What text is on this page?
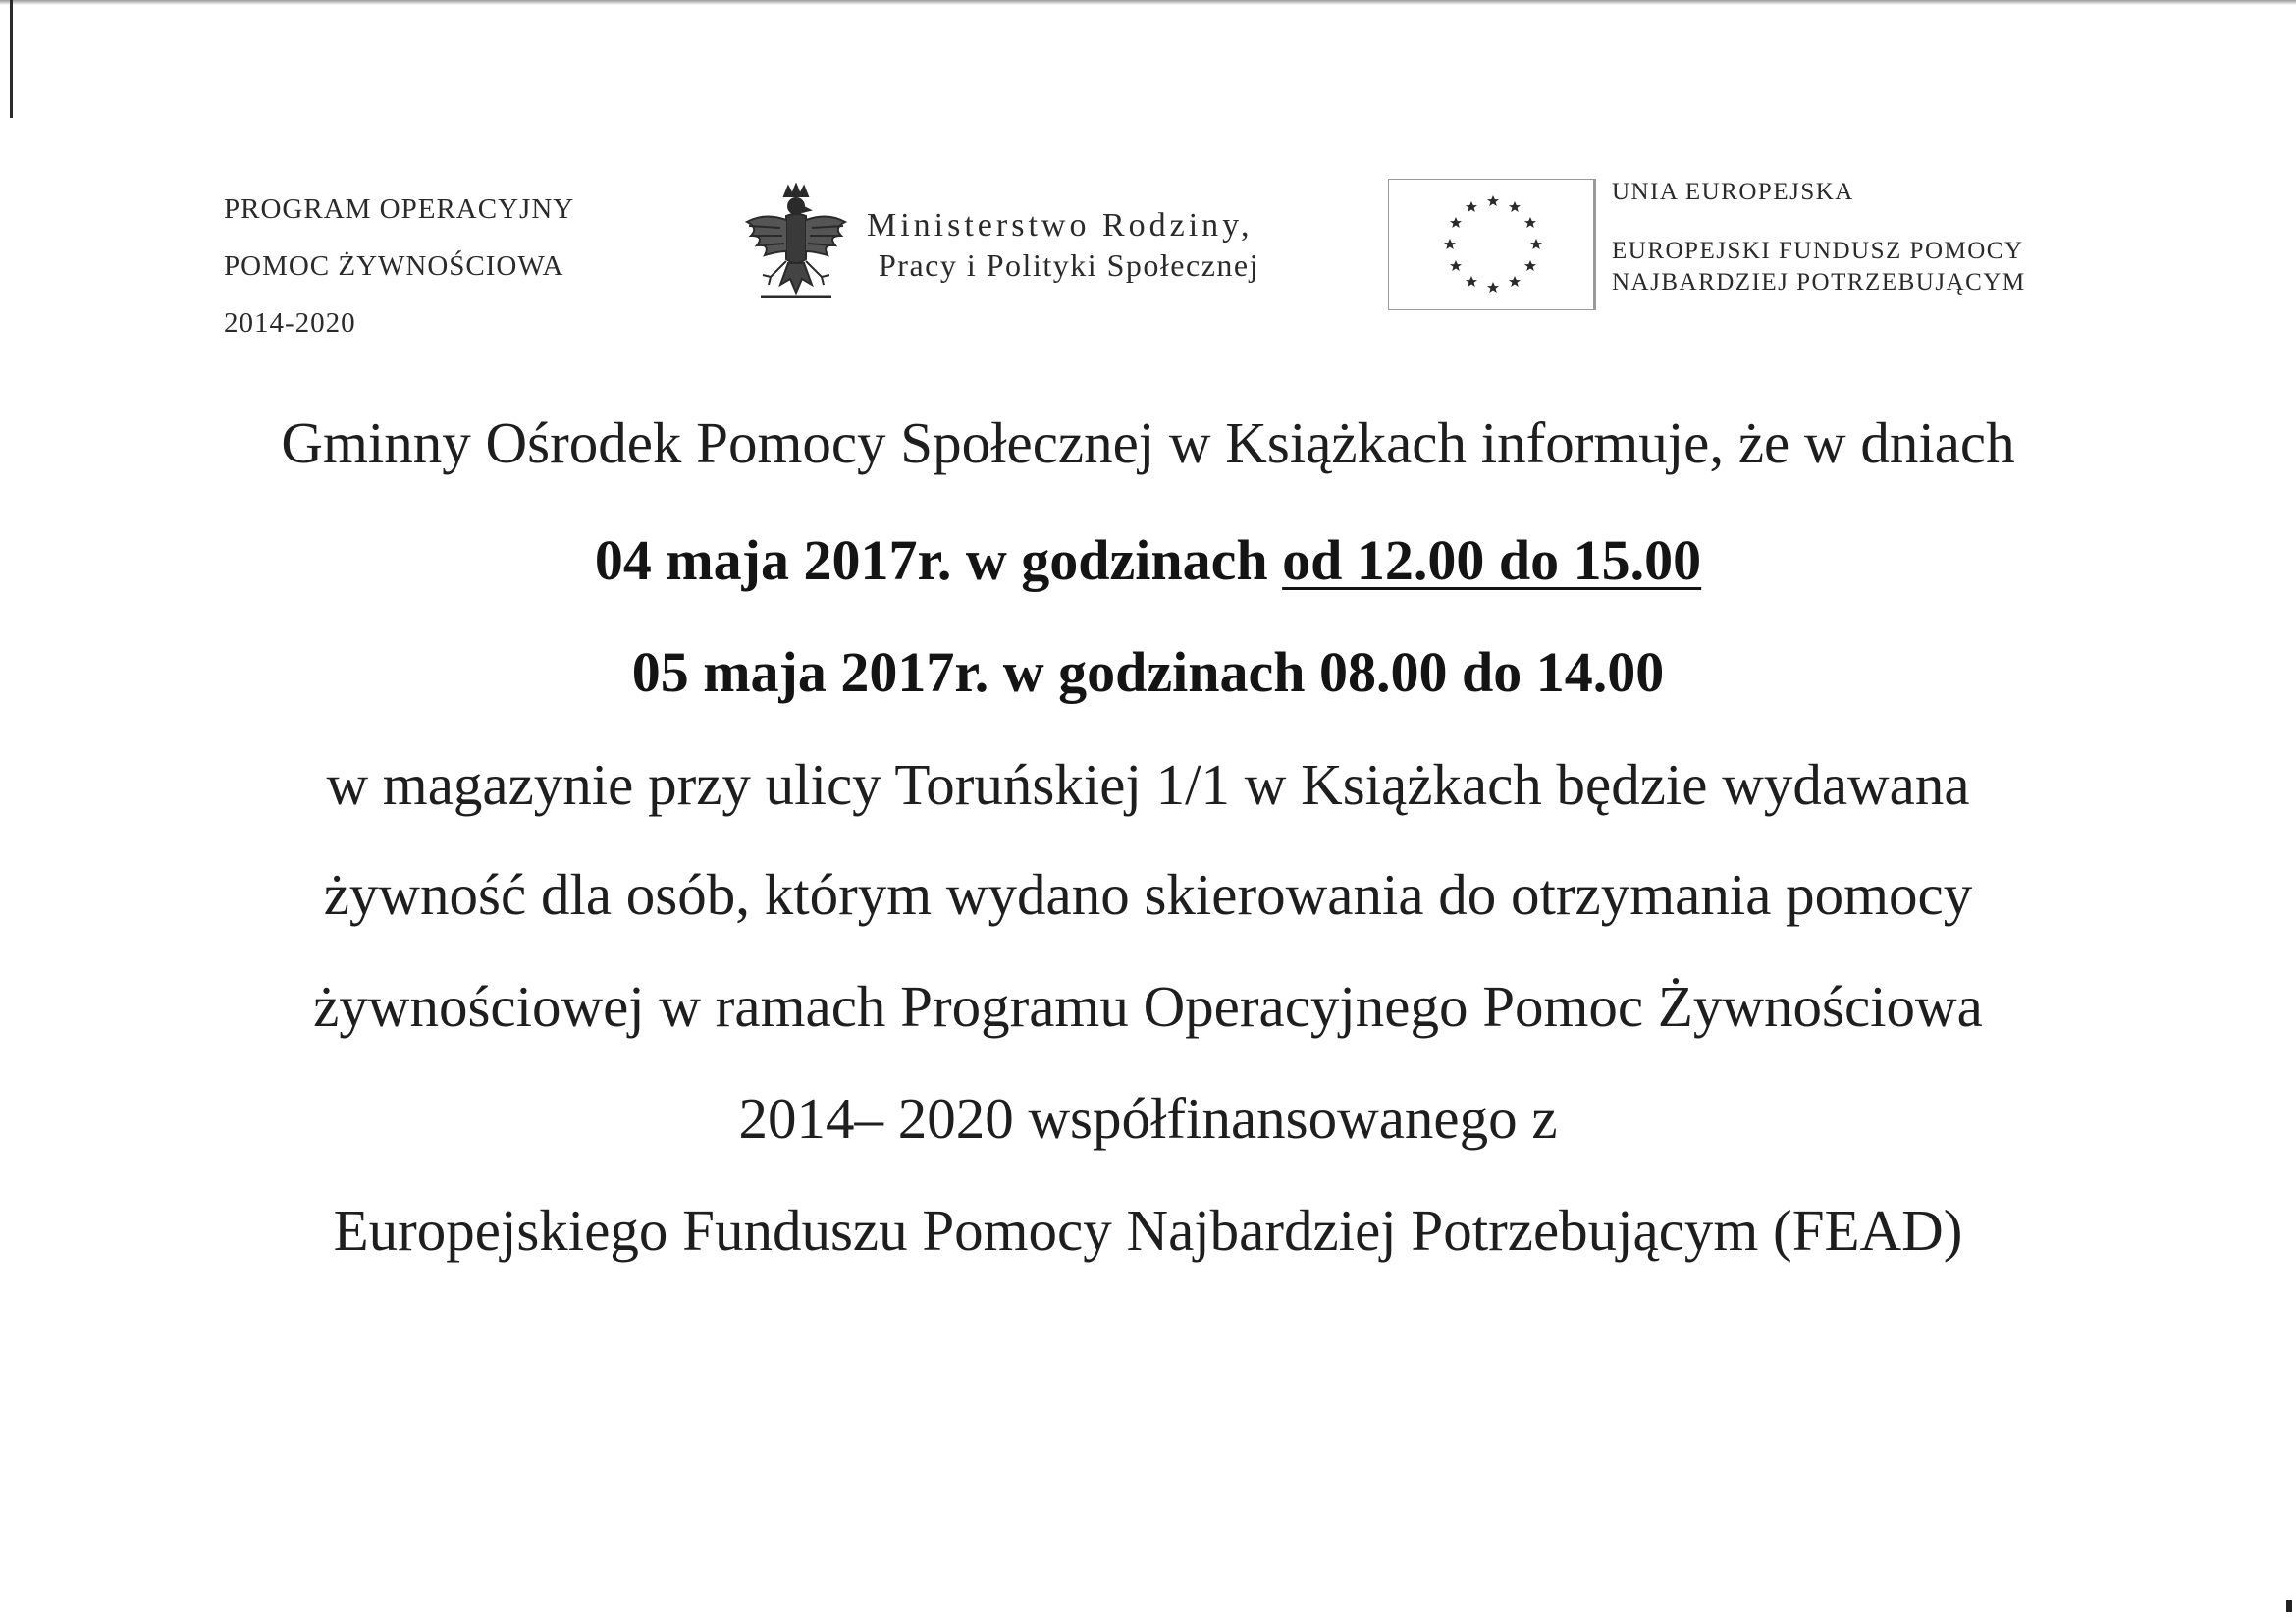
PROGRAM OPERACYJNY
POMOC ŻYWNOŚCIOWA
2014-2020
Ministerstwo Rodziny,
Pracy i Polityki Społecznej
UNIA EUROPEJSKA
EUROPEJSKI FUNDUSZ POMOCY
NAJBARDZIEJ POTRZEBUJĄCYM
Gminny Ośrodek Pomocy Społecznej w Książkach informuje, że w dniach
04 maja 2017r. w godzinach od 12.00 do 15.00
05 maja 2017r. w godzinach 08.00 do 14.00
w magazynie przy ulicy Toruńskiej 1/1 w Książkach będzie wydawana
żywność dla osób, którym wydano skierowania do otrzymania pomocy
żywnościowej w ramach Programu Operacyjnego Pomoc Żywnościowa
2014– 2020 współfinansowanego z
Europejskiego Funduszu Pomocy Najbardziej Potrzebującym (FEAD)
